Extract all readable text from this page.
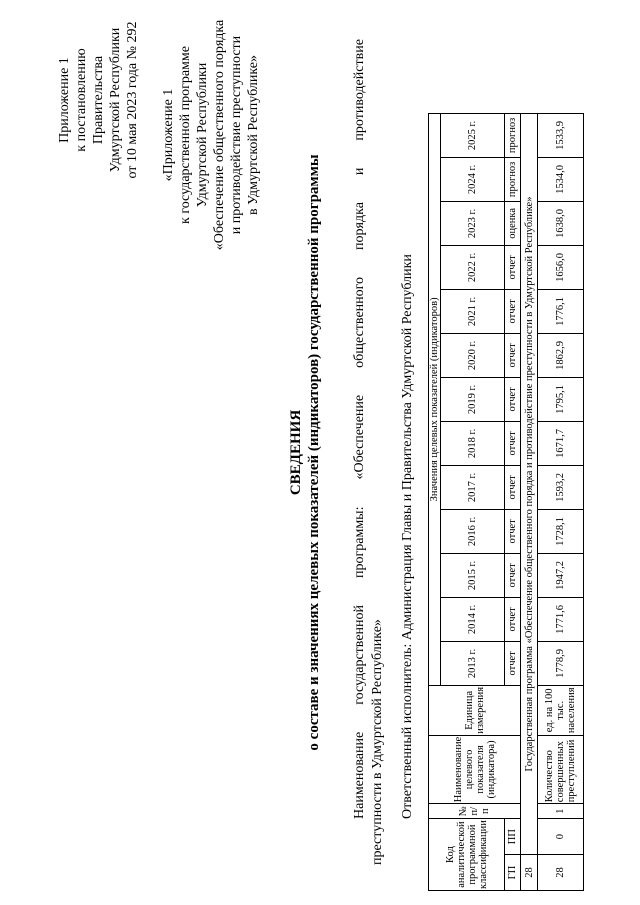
Приложение 1 к постановлению Правительства Удмуртской Республики от 10 мая 2023 года № 292 «Приложение 1 к государственной программе Удмуртской Республики «Обеспечение общественного порядка и противодействие преступности в Удмуртской Республике»
СВЕДЕНИЯ о составе и значениях целевых показателей (индикаторов) государственной программы
Наименование
государственной
программы:
«Обеспечение
общественного
порядка
и
противодействие
преступности в Удмуртской Республике» Ответственный исполнитель: Администрация Главы и Правительства Удмуртской Республики
Код аналитической программной классификации		№ п/п	Наименование целевого показателя (индикатора)	Единица измерения	Значения целевых показателей (индикаторов)												
					2013 г.	2014 г.	2015 г.	2016 г.	2017 г.	2018 г.	2019 г.	2020 г.	2021 г.	2022 г.	2023 г.	2024 г.	2025 г.
ГП	ПП				отчет	отчет	отчет	отчет	отчет	отчет	отчет	отчет	отчет	отчет	оценка	прогноз	прогноз
28	Государственная программа «Обеспечение общественного порядка и противодействие преступности в Удмуртской Республике»																
28	0	1	Количество совершенных преступлений	ед. на 100 тыс. населения	1778,9	1771,6	1947,2	1728,1	1593,2	1671,7	1795,1	1862,9	1776,1	1656,0	1638,0	1534,0	1533,9
